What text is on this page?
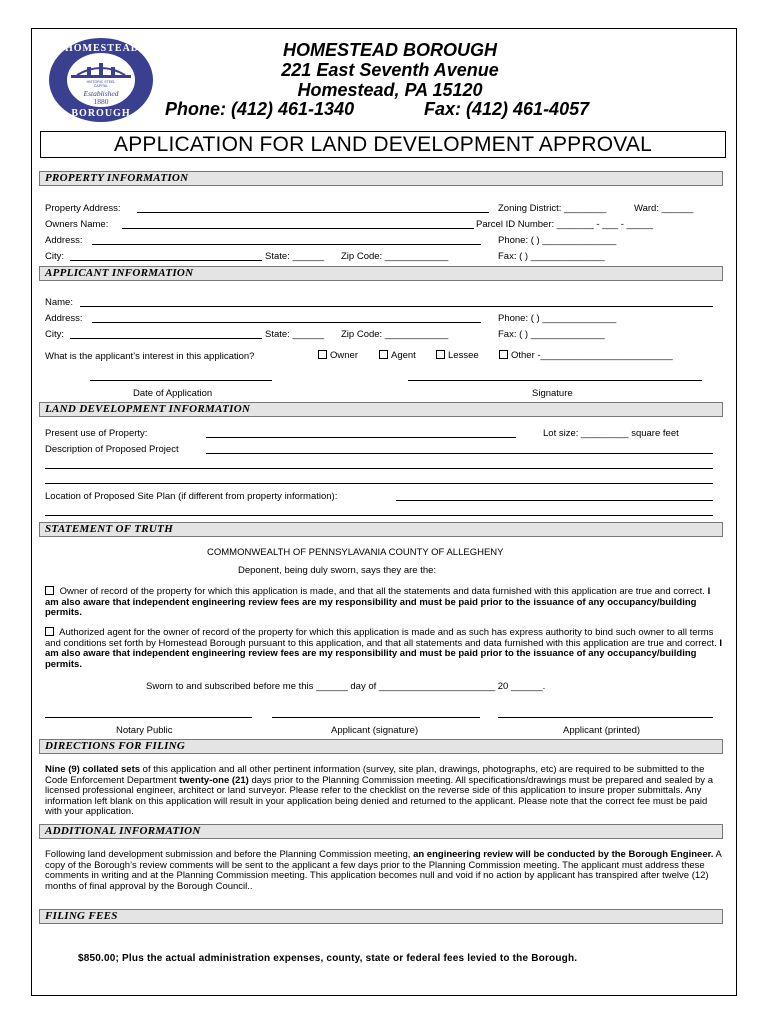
HOMESTEAD
HISTORIC STEEL CAPITAL
Established
1880
BOROUGH
HOMESTEAD BOROUGH
221 East Seventh Avenue
Homestead, PA 15120
Phone: (412) 461-1340	Fax: (412) 461-4057
APPLICATION FOR LAND DEVELOPMENT APPROVAL
PROPERTY INFORMATION
Property Address:	Zoning District: ________	Ward: ______
Owners Name:	Parcel ID Number: _______ - ___ - _____
Address:	Phone: ( ) ______________
City:	State: ______ Zip Code: ____________	Fax: ( ) ______________
APPLICANT INFORMATION
Name:
Address:	Phone: ( ) ______________
City:	State: ______ Zip Code: ____________	Fax: ( ) ______________
What is the applicant’s interest in this application?	Owner	Agent	Lessee	Other -_________________________
Date of Application	Signature
LAND DEVELOPMENT INFORMATION
Present use of Property:	Lot size: _________ square feet
Description of Proposed Project
Location of Proposed Site Plan (if different from property information):
STATEMENT OF TRUTH
COMMONWEALTH OF PENNSYLAVANIA COUNTY OF ALLEGHENY
Deponent, being duly sworn, says they are the:
Owner of record of the property for which this application is made, and that all the statements and data furnished with this application are true and correct. I am also aware that independent engineering review fees are my responsibility and must be paid prior to the issuance of any occupancy/building permits.
Authorized agent for the owner of record of the property for which this application is made and as such has express authority to bind such owner to all terms and conditions set forth by Homestead Borough pursuant to this application, and that all statements and data furnished with this application are true and correct. I am also aware that independent engineering review fees are my responsibility and must be paid prior to the issuance of any occupancy/building permits.
Sworn to and subscribed before me this ______ day of ______________________ 20 ______.
Notary Public	Applicant (signature)	Applicant (printed)
DIRECTIONS FOR FILING
Nine (9) collated sets of this application and all other pertinent information (survey, site plan, drawings, photographs, etc) are required to be submitted to the Code Enforcement Department twenty-one (21) days prior to the Planning Commission meeting. All specifications/drawings must be prepared and sealed by a licensed professional engineer, architect or land surveyor. Please refer to the checklist on the reverse side of this application to insure proper submittals. Any information left blank on this application will result in your application being denied and returned to the applicant. Please note that the correct fee must be paid with your application.
ADDITIONAL INFORMATION
Following land development submission and before the Planning Commission meeting, an engineering review will be conducted by the Borough Engineer. A copy of the Borough’s review comments will be sent to the applicant a few days prior to the Planning Commission meeting. The applicant must address these comments in writing and at the Planning Commission meeting. This application becomes null and void if no action by applicant has transpired after twelve (12) months of final approval by the Borough Council..
FILING FEES
$850.00; Plus the actual administration expenses, county, state or federal fees levied to the Borough.
